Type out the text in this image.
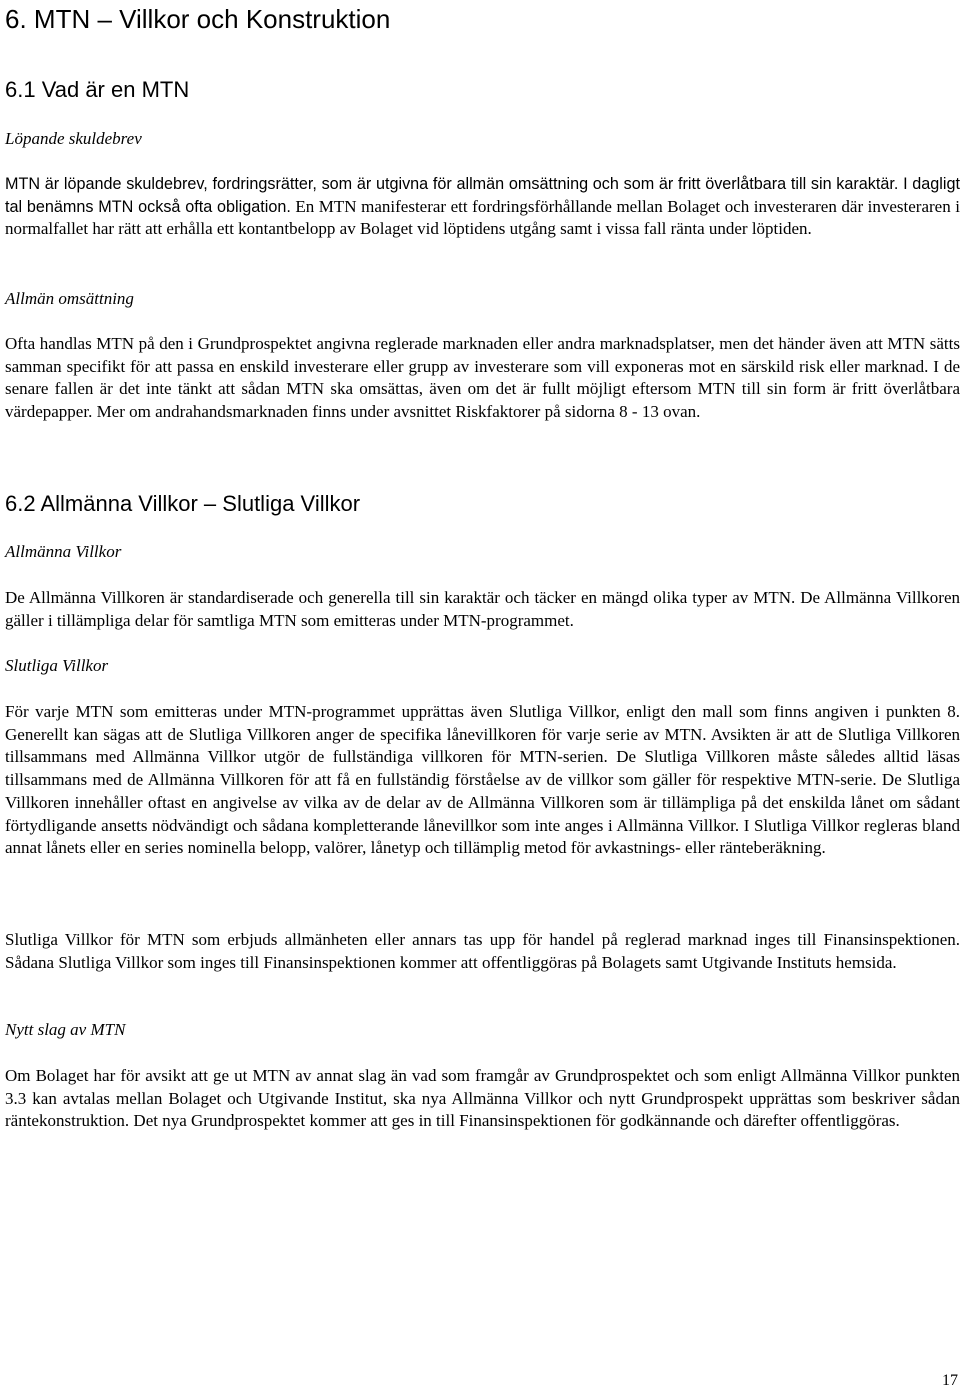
6. MTN – Villkor och Konstruktion
6.1 Vad är en MTN

Löpande skuldebrev

MTN är löpande skuldebrev, fordringsrätter, som är utgivna för allmän omsättning och som är fritt överlåtbara till sin karaktär. I dagligt tal benämns MTN också ofta obligation. En MTN manifesterar ett fordringsförhållande mellan Bolaget och investeraren där investeraren i normalfallet har rätt att erhålla ett kontantbelopp av Bolaget vid löptidens utgång samt i vissa fall ränta under löptiden.

Allmän omsättning

Ofta handlas MTN på den i Grundprospektet angivna reglerade marknaden eller andra marknadsplatser, men det händer även att MTN sätts samman specifikt för att passa en enskild investerare eller grupp av investerare som vill exponeras mot en särskild risk eller marknad. I de senare fallen är det inte tänkt att sådan MTN ska omsättas, även om det är fullt möjligt eftersom MTN till sin form är fritt överlåtbara värdepapper. Mer om andrahandsmarknaden finns under avsnittet Riskfaktorer på sidorna 8 - 13 ovan.

6.2 Allmänna Villkor – Slutliga Villkor

Allmänna Villkor

De Allmänna Villkoren är standardiserade och generella till sin karaktär och täcker en mängd olika typer av MTN. De Allmänna Villkoren gäller i tillämpliga delar för samtliga MTN som emitteras under MTN-programmet.

Slutliga Villkor

För varje MTN som emitteras under MTN-programmet upprättas även Slutliga Villkor, enligt den mall som finns angiven i punkten 8. Generellt kan sägas att de Slutliga Villkoren anger de specifika lånevillkoren för varje serie av MTN. Avsikten är att de Slutliga Villkoren tillsammans med Allmänna Villkor utgör de fullständiga villkoren för MTN-serien. De Slutliga Villkoren måste således alltid läsas tillsammans med de Allmänna Villkoren för att få en fullständig förståelse av de villkor som gäller för respektive MTN-serie. De Slutliga Villkoren innehåller oftast en angivelse av vilka av de delar av de Allmänna Villkoren som är tillämpliga på det enskilda lånet om sådant förtydligande ansetts nödvändigt och sådana kompletterande lånevillkor som inte anges i Allmänna Villkor. I Slutliga Villkor regleras bland annat lånets eller en series nominella belopp, valörer, lånetyp och tillämplig metod för avkastnings- eller ränteberäkning.

Slutliga Villkor för MTN som erbjuds allmänheten eller annars tas upp för handel på reglerad marknad inges till Finansinspektionen. Sådana Slutliga Villkor som inges till Finansinspektionen kommer att offentliggöras på Bolagets samt Utgivande Instituts hemsida.

Nytt slag av MTN

Om Bolaget har för avsikt att ge ut MTN av annat slag än vad som framgår av Grundprospektet och som enligt Allmänna Villkor punkten 3.3 kan avtalas mellan Bolaget och Utgivande Institut, ska nya Allmänna Villkor och nytt Grundprospekt upprättas som beskriver sådan räntekonstruktion. Det nya Grundprospektet kommer att ges in till Finansinspektionen för godkännande och därefter offentliggöras.

17
